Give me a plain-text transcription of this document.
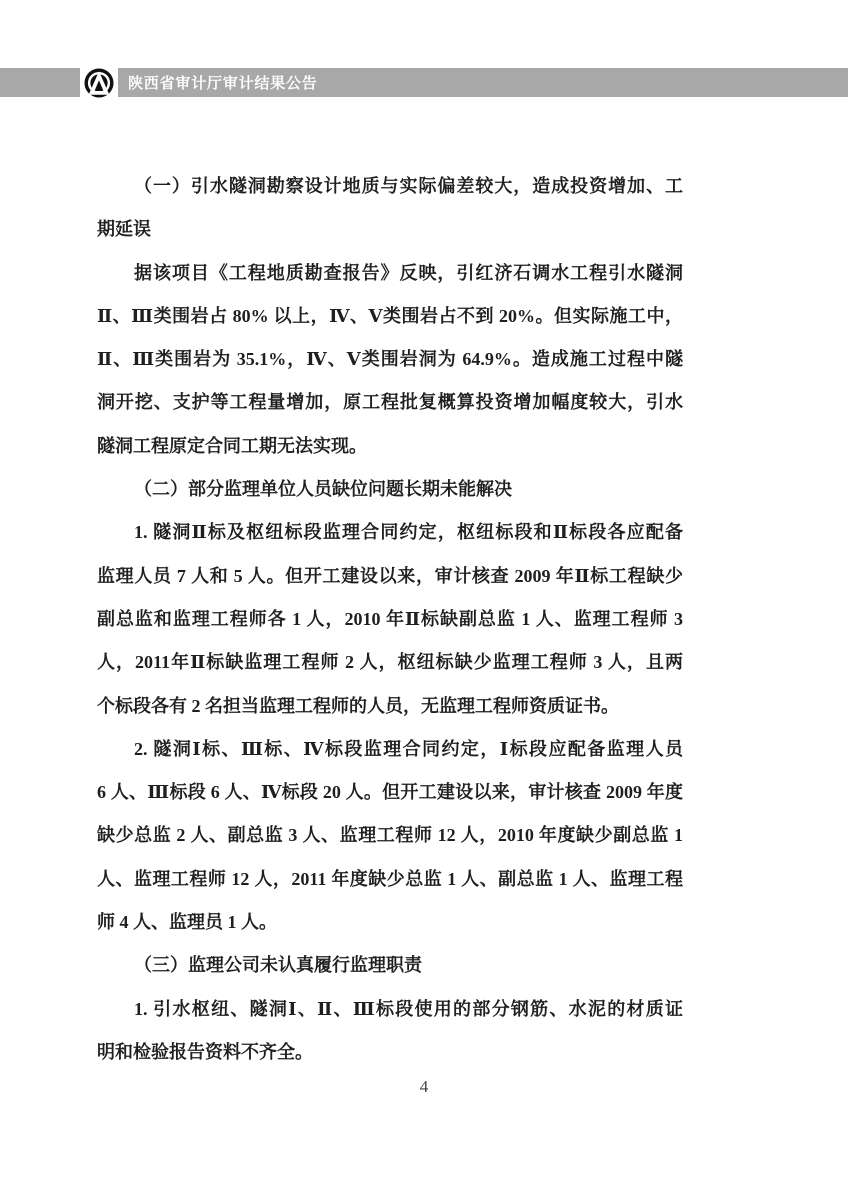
陕西省审计厅审计结果公告
（一）引水隧洞勘察设计地质与实际偏差较大，造成投资增加、工
期延误
据该项目《工程地质勘查报告》反映，引红济石调水工程引水隧洞
Ⅱ、Ⅲ类围岩占 80% 以上，Ⅳ、Ⅴ类围岩占不到 20%。但实际施工中，
Ⅱ、Ⅲ类围岩为 35.1%，Ⅳ、Ⅴ类围岩洞为 64.9%。造成施工过程中隧
洞开挖、支护等工程量增加，原工程批复概算投资增加幅度较大，引水
隧洞工程原定合同工期无法实现。
（二）部分监理单位人员缺位问题长期未能解决
1. 隧洞Ⅱ标及枢纽标段监理合同约定，枢纽标段和Ⅱ标段各应配备
监理人员 7 人和 5 人。但开工建设以来，审计核查 2009 年Ⅱ标工程缺少
副总监和监理工程师各 1 人，2010 年Ⅱ标缺副总监 1 人、监理工程师 3
人，2011年Ⅱ标缺监理工程师 2 人，枢纽标缺少监理工程师 3 人，且两
个标段各有 2 名担当监理工程师的人员，无监理工程师资质证书。
2. 隧洞Ⅰ标、Ⅲ标、Ⅳ标段监理合同约定，Ⅰ标段应配备监理人员
6 人、Ⅲ标段 6 人、Ⅳ标段 20 人。但开工建设以来，审计核查 2009 年度
缺少总监 2 人、副总监 3 人、监理工程师 12 人，2010 年度缺少副总监 1
人、监理工程师 12 人，2011 年度缺少总监 1 人、副总监 1 人、监理工程
师 4 人、监理员 1 人。
（三）监理公司未认真履行监理职责
1. 引水枢纽、隧洞Ⅰ、Ⅱ、Ⅲ标段使用的部分钢筋、水泥的材质证
明和检验报告资料不齐全。
4
